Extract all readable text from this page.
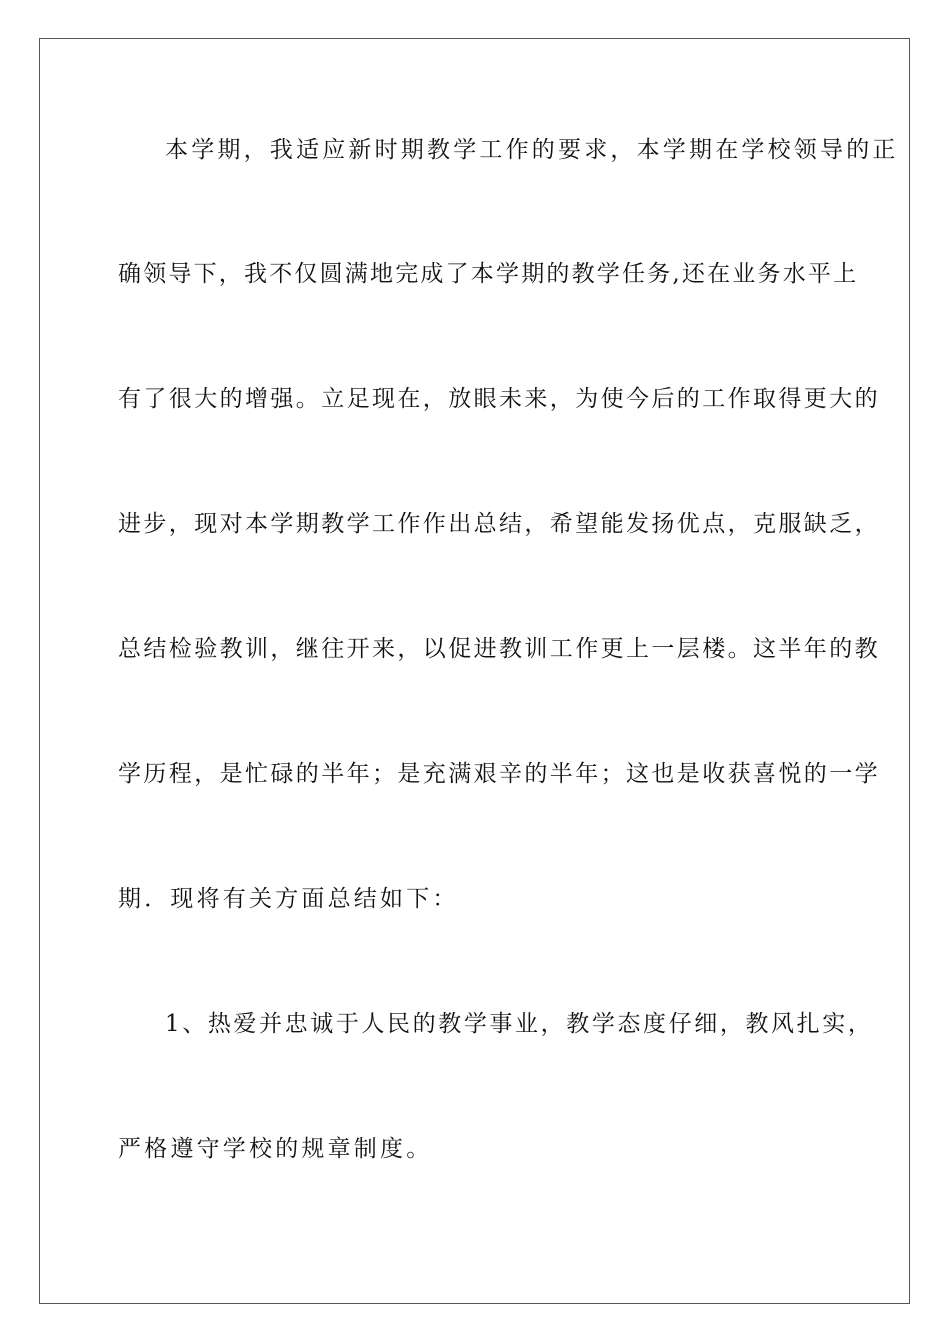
本学期，我适应新时期教学工作的要求，本学期在学校领导的正
确领导下，我不仅圆满地完成了本学期的教学任务,还在业务水平上
有了很大的增强。立足现在，放眼未来，为使今后的工作取得更大的
进步，现对本学期教学工作作出总结，希望能发扬优点，克服缺乏，
总结检验教训，继往开来，以促进教训工作更上一层楼。这半年的教
学历程，是忙碌的半年；是充满艰辛的半年；这也是收获喜悦的一学
期．现将有关方面总结如下：
1、热爱并忠诚于人民的教学事业，教学态度仔细，教风扎实，
严格遵守学校的规章制度。
